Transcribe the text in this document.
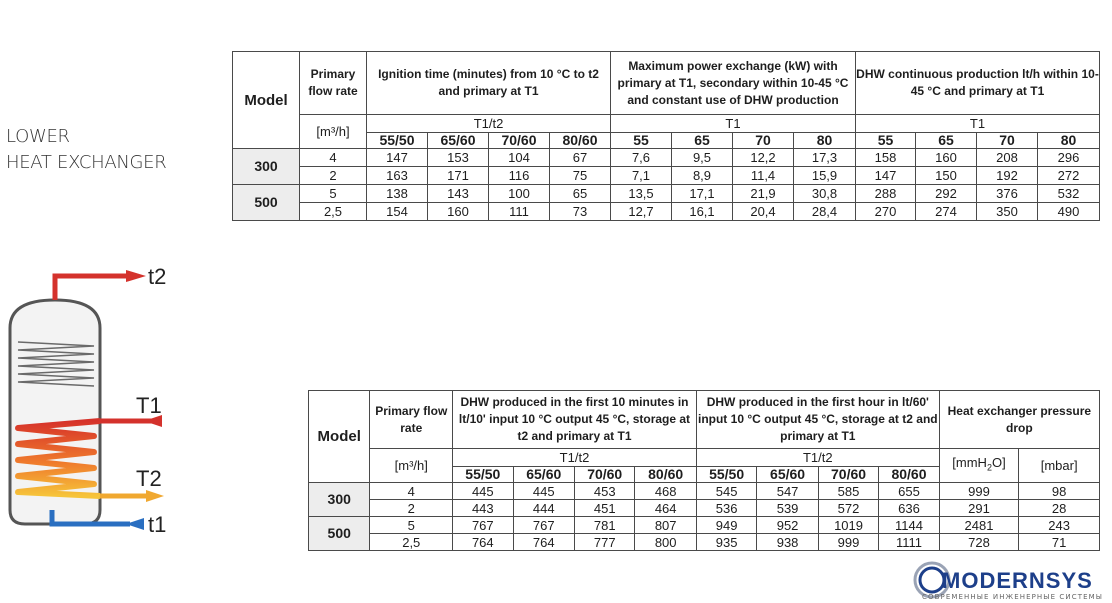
LOWER
HEAT EXCHANGER
Model	Primary flow rate	Ignition time (minutes) from 10 °C to t2 and primary at T1				Maximum power exchange (kW) with primary at T1, secondary within 10-45 °C and constant use of DHW production				DHW continuous production lt/h within 10-45 °C and primary at T1			
	[m³/h]	T1/t2				T1				T1			
		55/50	65/60	70/60	80/60	55	65	70	80	55	65	70	80
300	4	147	153	104	67	7,6	9,5	12,2	17,3	158	160	208	296
	2	163	171	116	75	7,1	8,9	11,4	15,9	147	150	192	272
500	5	138	143	100	65	13,5	17,1	21,9	30,8	288	292	376	532
	2,5	154	160	111	73	12,7	16,1	20,4	28,4	270	274	350	490
Model	Primary flow rate	DHW produced in the first 10 minutes in lt/10' input 10 °C output 45 °C, storage at t2 and primary at T1				DHW produced in the first hour in lt/60' input 10 °C output 45 °C, storage at t2 and primary at T1				Heat exchanger pressure drop	
	[m³/h]	T1/t2				T1/t2				[mmH$_2$O]	[mbar]
		55/50	65/60	70/60	80/60	55/50	65/60	70/60	80/60		
300	4	445	445	453	468	545	547	585	655	999	98
	2	443	444	451	464	536	539	572	636	291	28
500	5	767	767	781	807	949	952	1019	1144	2481	243
	2,5	764	764	777	800	935	938	999	1111	728	71
t2
T1
T2
t1
MODERNSYS
СОВРЕМЕННЫЕ ИНЖЕНЕРНЫЕ СИСТЕМЫ
